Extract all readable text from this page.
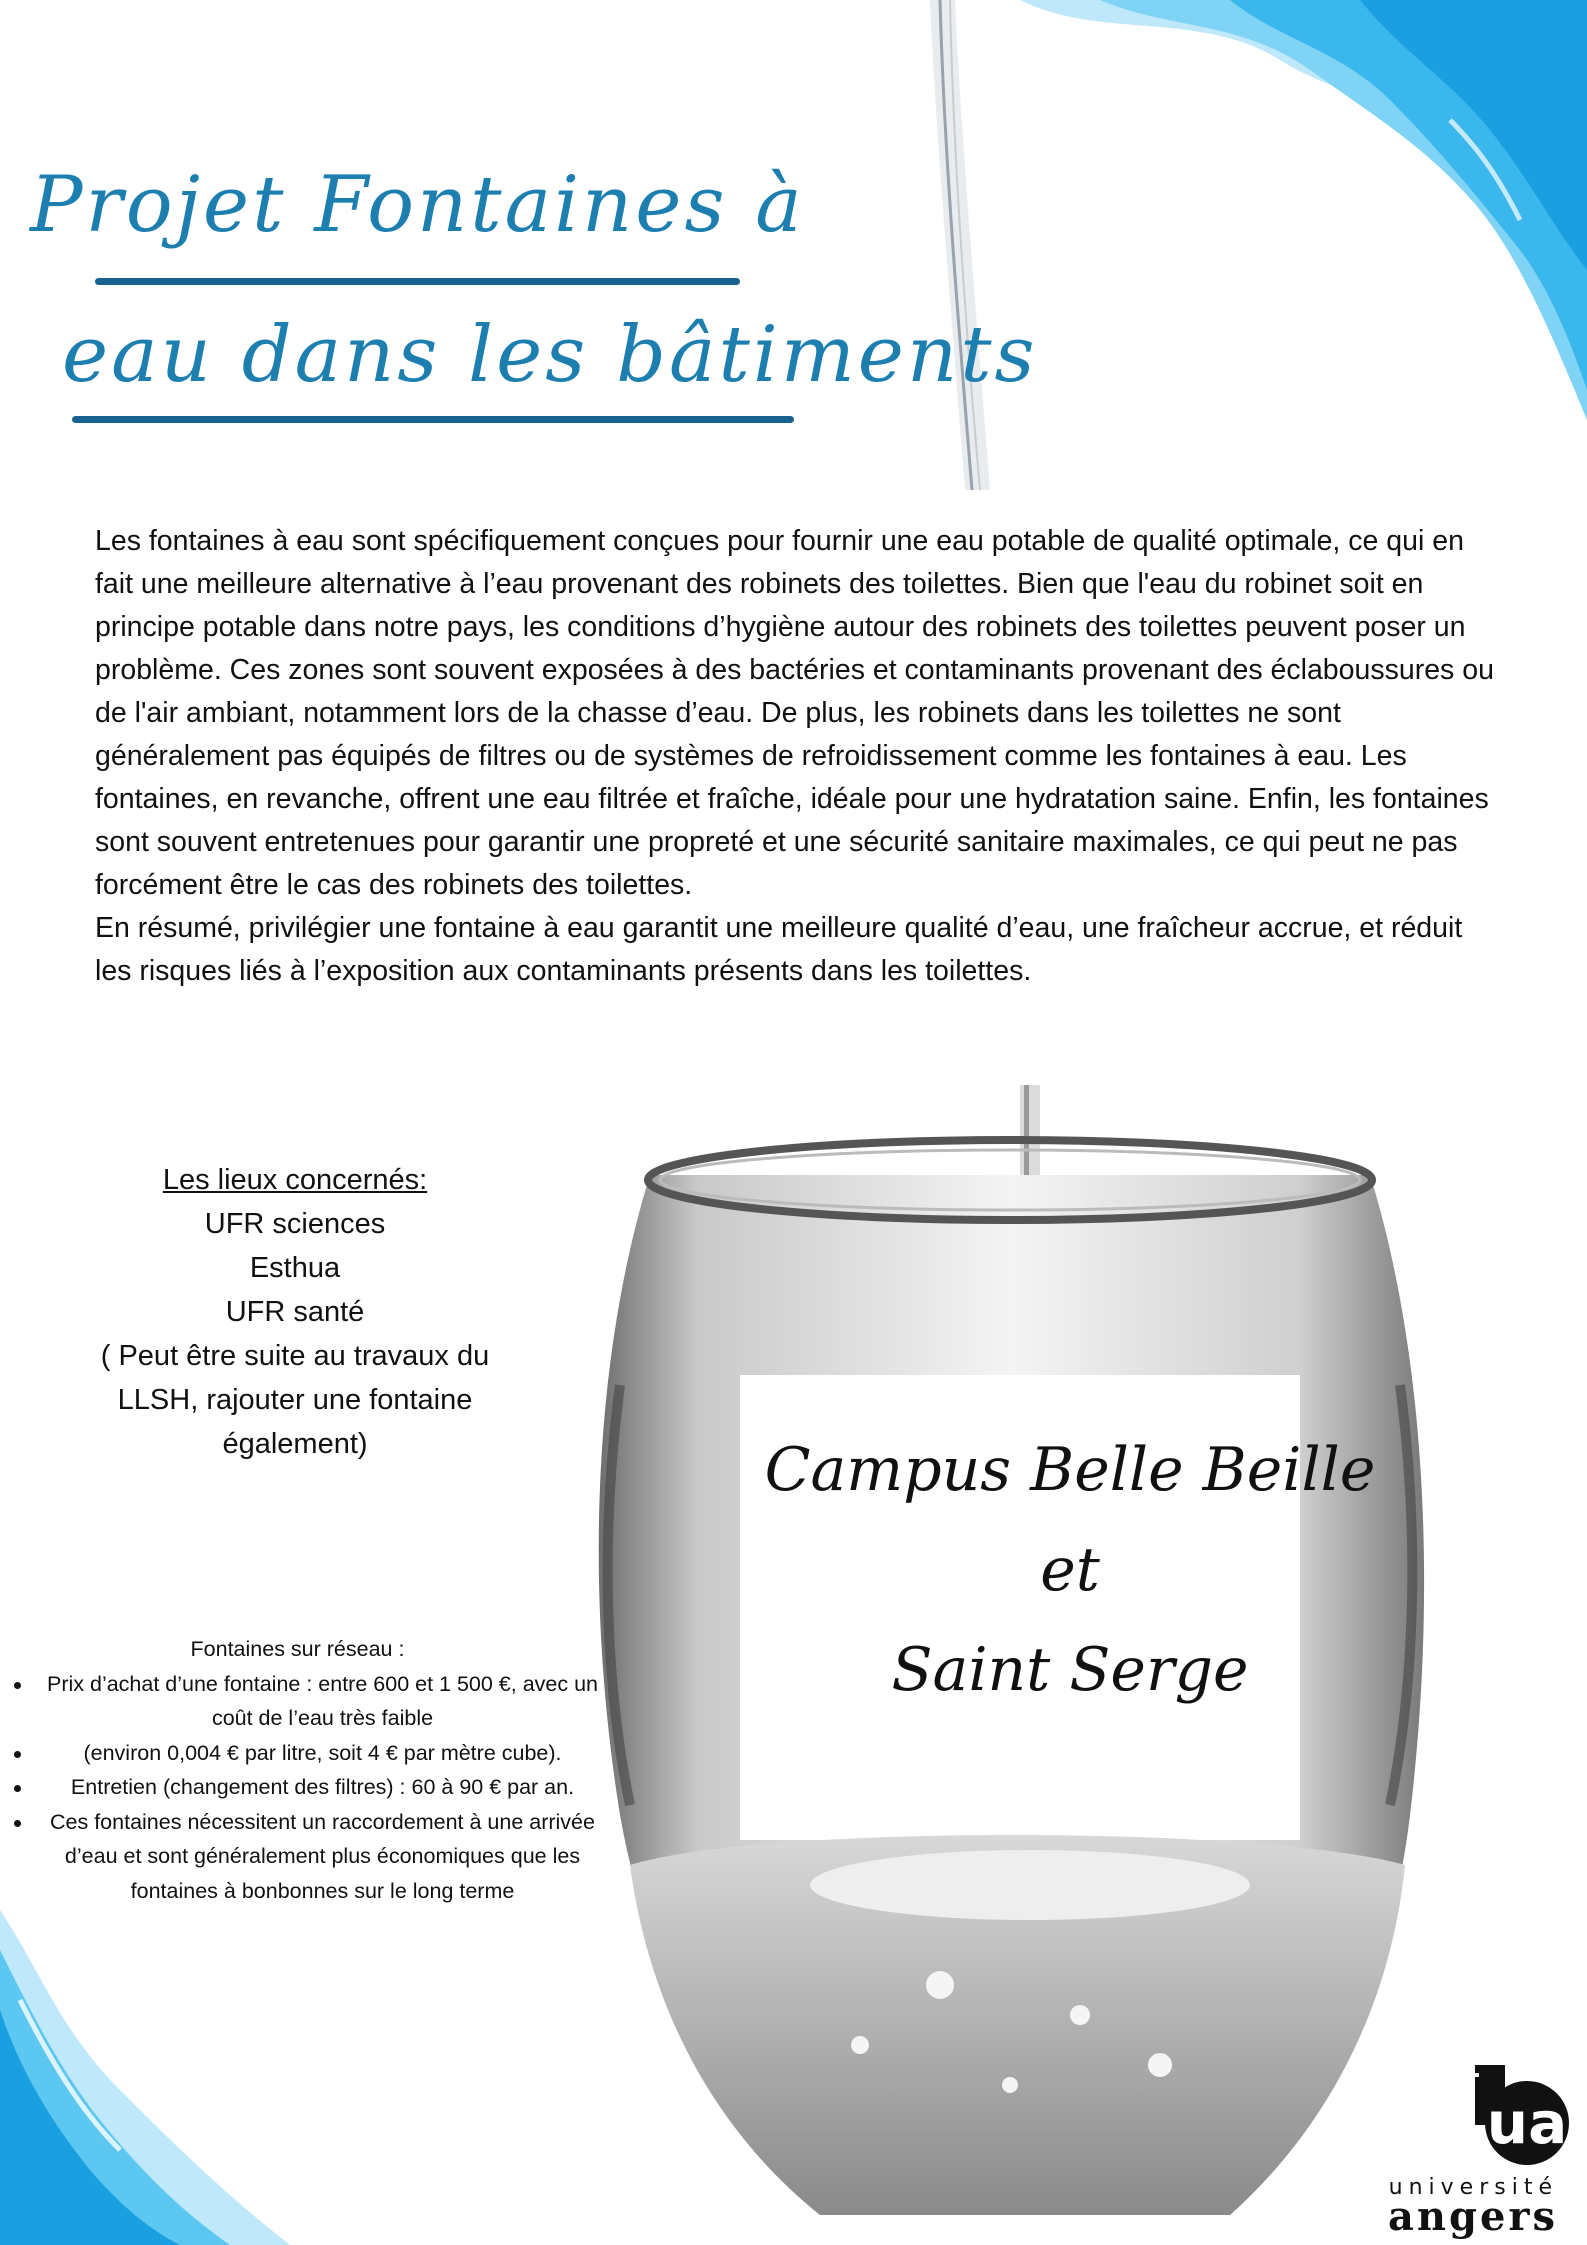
Projet Fontaines à
eau dans les bâtiments

Les fontaines à eau sont spécifiquement conçues pour fournir une eau potable de qualité optimale, ce qui en fait une meilleure alternative à l’eau provenant des robinets des toilettes. Bien que l'eau du robinet soit en principe potable dans notre pays, les conditions d’hygiène autour des robinets des toilettes peuvent poser un problème. Ces zones sont souvent exposées à des bactéries et contaminants provenant des éclaboussures ou de l'air ambiant, notamment lors de la chasse d’eau. De plus, les robinets dans les toilettes ne sont généralement pas équipés de filtres ou de systèmes de refroidissement comme les fontaines à eau. Les fontaines, en revanche, offrent une eau filtrée et fraîche, idéale pour une hydratation saine. Enfin, les fontaines sont souvent entretenues pour garantir une propreté et une sécurité sanitaire maximales, ce qui peut ne pas forcément être le cas des robinets des toilettes.

En résumé, privilégier une fontaine à eau garantit une meilleure qualité d’eau, une fraîcheur accrue, et réduit les risques liés à l’exposition aux contaminants présents dans les toilettes.

Les lieux concernés:
UFR sciences
Esthua
UFR santé
( Peut être suite au travaux du LLSH, rajouter une fontaine également)	Campus Belle Beille et
Saint Serge
Fontaines sur réseau :
Prix d’achat d’une fontaine : entre 600 et 1 500 €, avec un coût de l’eau très faible
(environ 0,004 € par litre, soit 4 € par mètre cube).
Entretien (changement des filtres) : 60 à 90 € par an.
Ces fontaines nécessitent un raccordement à une arrivée d’eau et sont généralement plus économiques que les fontaines à bonbonnes sur le long terme
ua
université
angers
